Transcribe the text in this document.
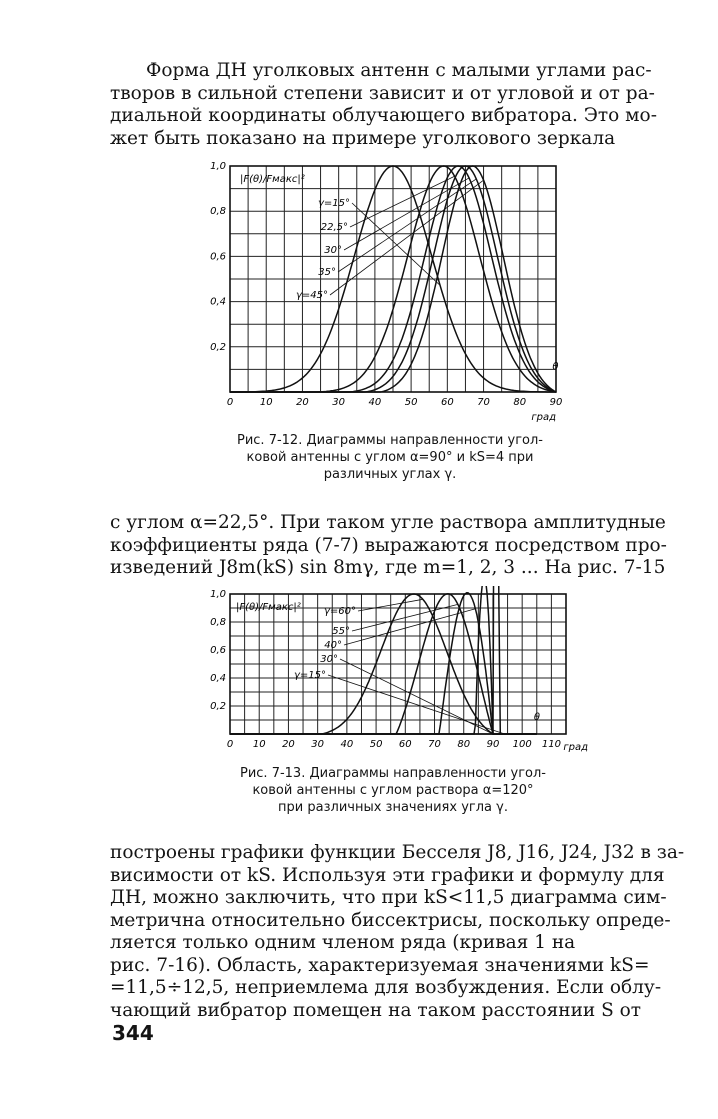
Форма ДН уголковых антенн с малыми углами рас-
творов в сильной степени зависит и от угловой и от ра-
диальной координаты облучающего вибратора. Это мо-
жет быть показано на примере уголкового зеркала

0	10 20 30 40 50 60 70 80 90
град
0,2
0,4
0,6
0,8
1,0
|F(θ)/Fмакс|²
γ=15°
22,5°
30°
35°
γ=45°
θ

Рис. 7-12. Диаграммы направленности угол-
ковой антенны с углом α=90° и kS=4 при
различных углах γ.

с углом α=22,5°. При таком угле раствора амплитудные
коэффициенты ряда (7-7) выражаются посредством про-
изведений J8m(kS) sin 8mγ, где m=1, 2, 3 ... На рис. 7-15

0 10 20 30 40 50 60 70 80 90 100 110 град
0,2
0,4
0,6
0,8
1,0
|F(θ)/Fмакс|² γ=60°
55°
40°
30°
γ=15°
θ

Рис. 7-13. Диаграммы направленности угол-
ковой антенны с углом раствора α=120°
при различных значениях угла γ.

построены графики функции Бесселя J8, J16, J24, J32 в за-
висимости от kS. Используя эти графики и формулу для
ДН, можно заключить, что при kS<11,5 диаграмма сим-
метрична относительно биссектрисы, поскольку опреде-
ляется только одним членом ряда (кривая 1 на
рис. 7-16). Область, характеризуемая значениями kS=
=11,5÷12,5, неприемлема для возбуждения. Если облу-
чающий вибратор помещен на таком расстоянии S от

344
